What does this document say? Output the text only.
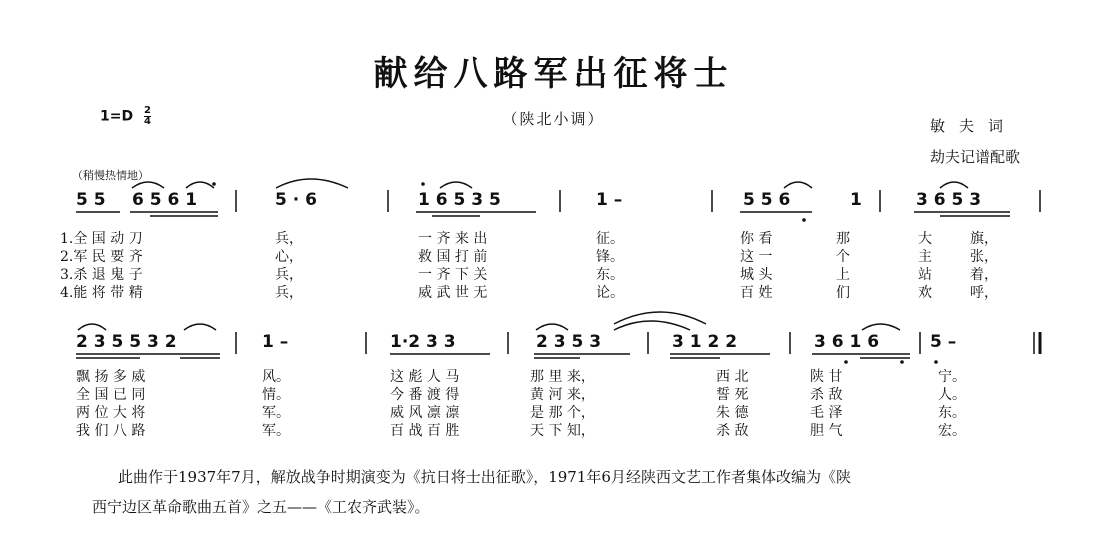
献给八路军出征将士
（陕北小调）
$1=D \frac{2}{4}$	敏夫词
劫夫记谱配歌
（稍慢热情地）
5 5 6 5 6 1	5 · 6	1 6 5 3 5	1 –	5 5 6	1	3 6 5 3
1.全 国 动 刀	兵，	一 齐 来 出	征。	你 看	那	大	旗，
2.军 民 要 齐	心，	救 国 打 前	锋。	这 一	个	主	张，
3.杀 退 鬼 子	兵，	一 齐 下 关	东。	城 头	上	站	着，
4.能 将 带 精	兵，	威 武 世 无	论。	百 姓	们	欢	呼，
2 3 5 5 3 2	1 –	1·2 3 3	2 3 5 3	3 1 2 2	3 6 1 6	5 –
飘 扬 多 威	风。	这 彪 人 马	那 里 来，	西 北	陕 甘	宁。
全 国 已 同	情。	今 番 渡 得	黄 河 来，	誓 死	杀 敌	人。
两 位 大 将	军。	威 风 凛 凛	是 那 个，	朱 德	毛 泽	东。
我 们 八 路	军。	百 战 百 胜	天 下 知，	杀 敌	胆 气	宏。
此曲作于1937年7月，解放战争时期演变为《抗日将士出征歌》，1971年6月经陕西文艺工作者集体改编为《陕
西宁边区革命歌曲五首》之五——《工农齐武装》。
